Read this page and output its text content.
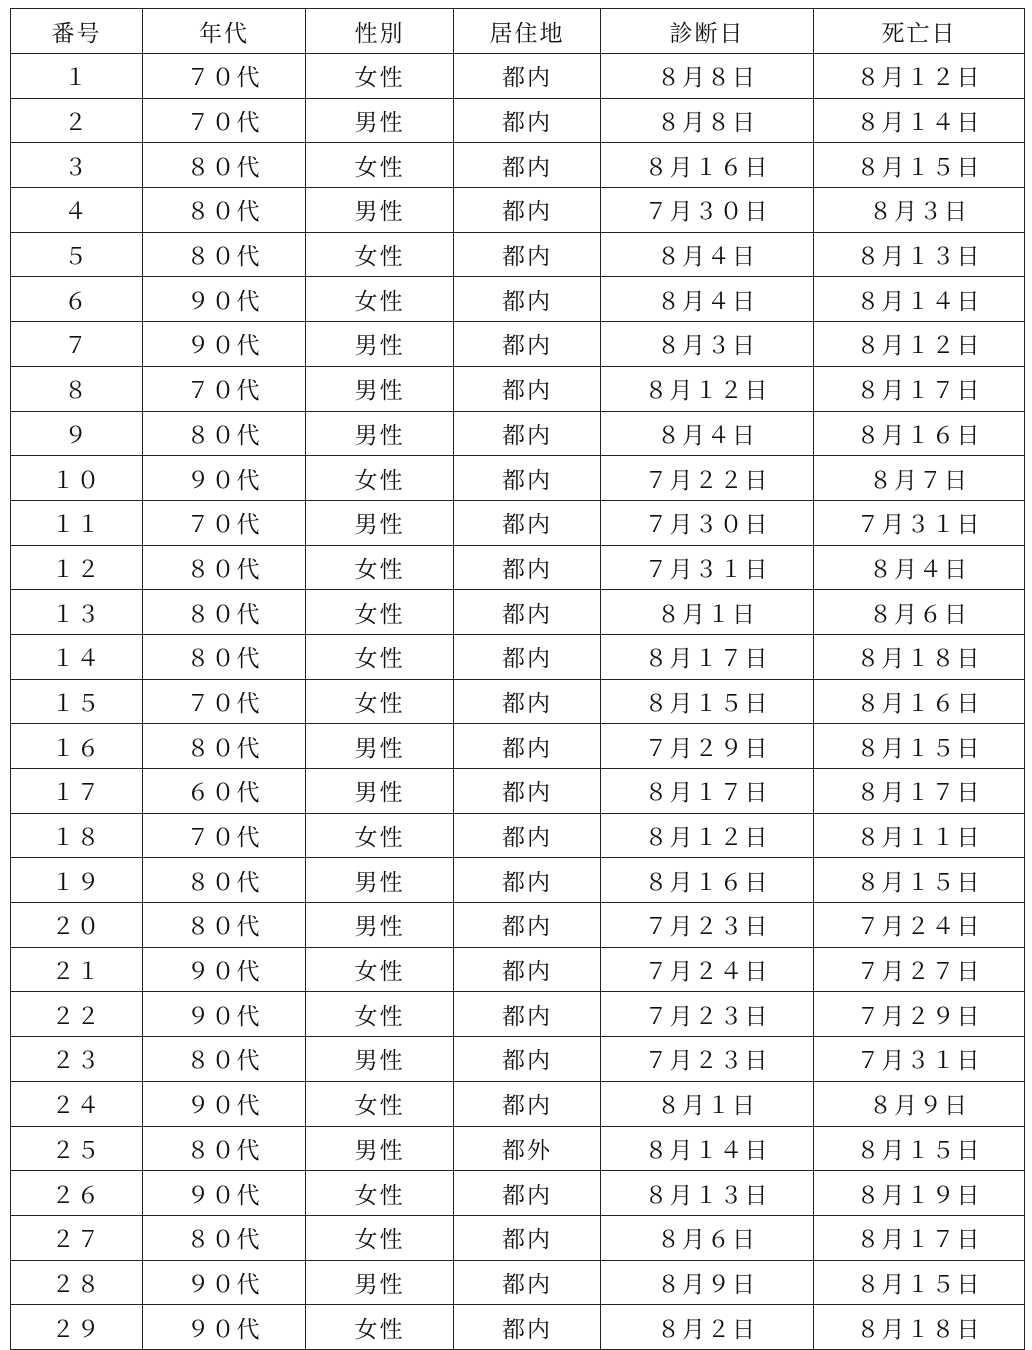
番号	年代	性別	居住地	診断日	死亡日
１	７０代	女性	都内	８月８日	８月１２日
２	７０代	男性	都内	８月８日	８月１４日
３	８０代	女性	都内	８月１６日	８月１５日
４	８０代	男性	都内	７月３０日	８月３日
５	８０代	女性	都内	８月４日	８月１３日
６	９０代	女性	都内	８月４日	８月１４日
７	９０代	男性	都内	８月３日	８月１２日
８	７０代	男性	都内	８月１２日	８月１７日
９	８０代	男性	都内	８月４日	８月１６日
１０	９０代	女性	都内	７月２２日	８月７日
１１	７０代	男性	都内	７月３０日	７月３１日
１２	８０代	女性	都内	７月３１日	８月４日
１３	８０代	女性	都内	８月１日	８月６日
１４	８０代	女性	都内	８月１７日	８月１８日
１５	７０代	女性	都内	８月１５日	８月１６日
１６	８０代	男性	都内	７月２９日	８月１５日
１７	６０代	男性	都内	８月１７日	８月１７日
１８	７０代	女性	都内	８月１２日	８月１１日
１９	８０代	男性	都内	８月１６日	８月１５日
２０	８０代	男性	都内	７月２３日	７月２４日
２１	９０代	女性	都内	７月２４日	７月２７日
２２	９０代	女性	都内	７月２３日	７月２９日
２３	８０代	男性	都内	７月２３日	７月３１日
２４	９０代	女性	都内	８月１日	８月９日
２５	８０代	男性	都外	８月１４日	８月１５日
２６	９０代	女性	都内	８月１３日	８月１９日
２７	８０代	女性	都内	８月６日	８月１７日
２８	９０代	男性	都内	８月９日	８月１５日
２９	９０代	女性	都内	８月２日	８月１８日
